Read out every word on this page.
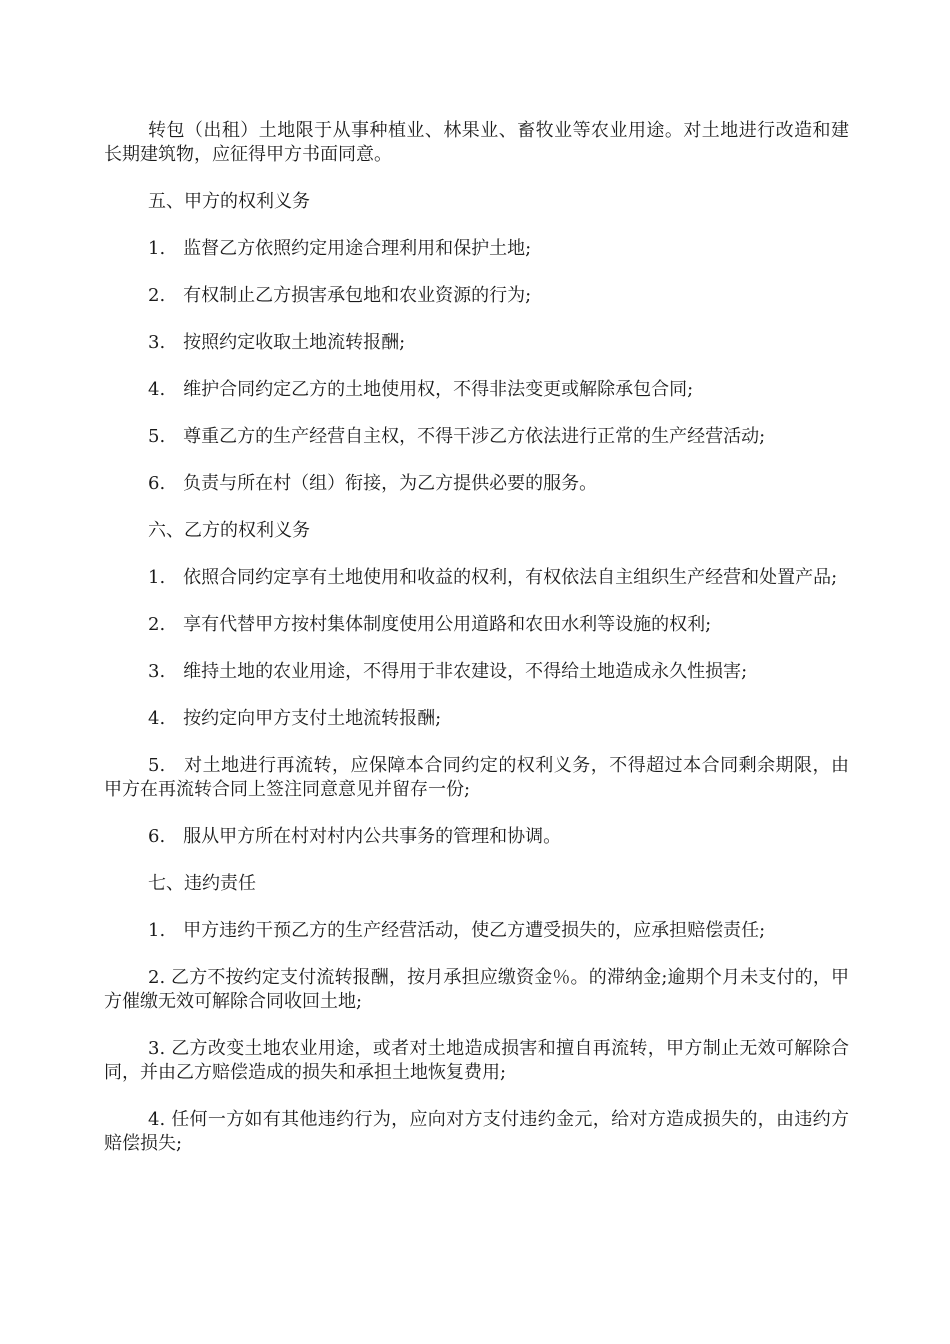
转包（出租）土地限于从事种植业、林果业、畜牧业等农业用途。对土地进行改造和建长期建筑物，应征得甲方书面同意。

五、甲方的权利义务

1.　监督乙方依照约定用途合理利用和保护土地;

2.　有权制止乙方损害承包地和农业资源的行为;

3.　按照约定收取土地流转报酬;

4.　维护合同约定乙方的土地使用权，不得非法变更或解除承包合同;

5.　尊重乙方的生产经营自主权，不得干涉乙方依法进行正常的生产经营活动;

6.　负责与所在村（组）衔接，为乙方提供必要的服务。

六、乙方的权利义务

1.　依照合同约定享有土地使用和收益的权利，有权依法自主组织生产经营和处置产品;

2.　享有代替甲方按村集体制度使用公用道路和农田水利等设施的权利;

3.　维持土地的农业用途，不得用于非农建设，不得给土地造成永久性损害;

4.　按约定向甲方支付土地流转报酬;

5.　对土地进行再流转，应保障本合同约定的权利义务，不得超过本合同剩余期限，由甲方在再流转合同上签注同意意见并留存一份;

6.　服从甲方所在村对村内公共事务的管理和协调。

七、违约责任

1.　甲方违约干预乙方的生产经营活动，使乙方遭受损失的，应承担赔偿责任;

2. 乙方不按约定支付流转报酬，按月承担应缴资金％。的滞纳金;逾期个月未支付的，甲方催缴无效可解除合同收回土地;

3. 乙方改变土地农业用途，或者对土地造成损害和擅自再流转，甲方制止无效可解除合同，并由乙方赔偿造成的损失和承担土地恢复费用;

4. 任何一方如有其他违约行为，应向对方支付违约金元，给对方造成损失的，由违约方赔偿损失;
